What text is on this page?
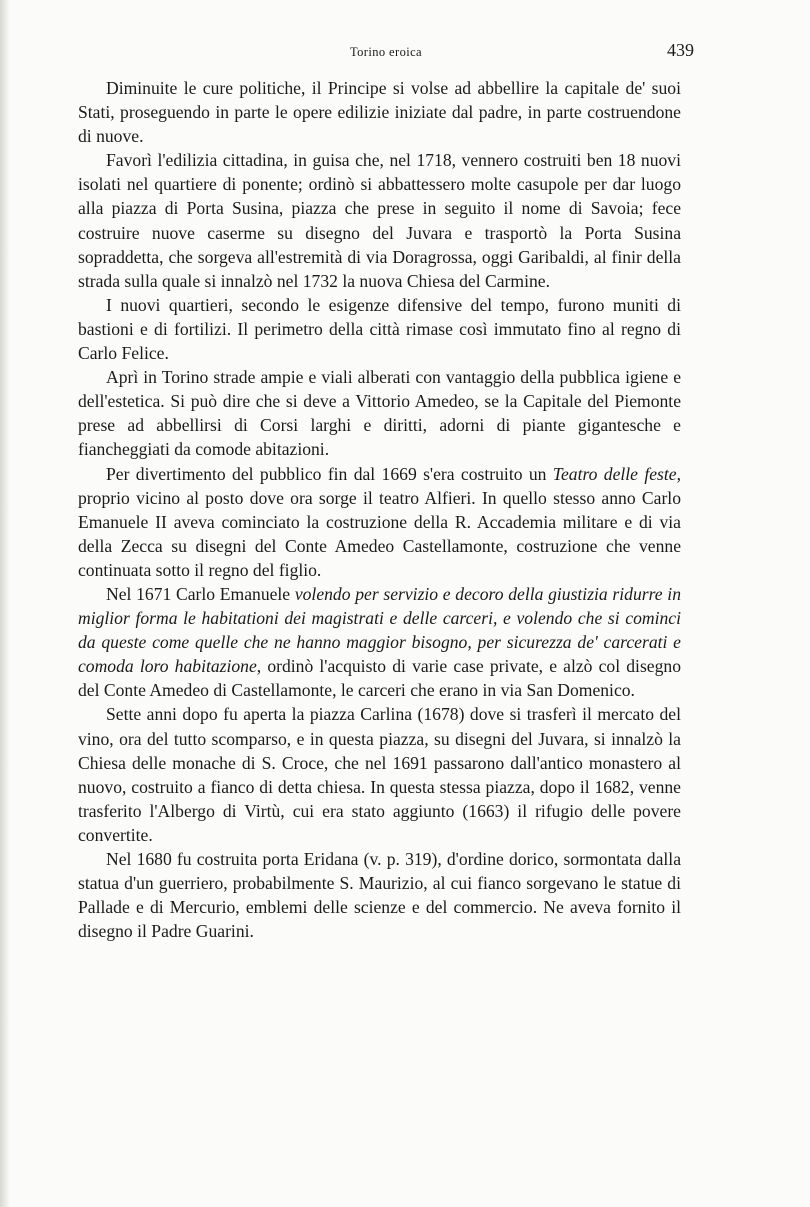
Torino eroica	439

Diminuite le cure politiche, il Principe si volse ad abbellire la capitale de' suoi Stati, proseguendo in parte le opere edilizie iniziate dal padre, in parte costruendone di nuove.

Favorì l'edilizia cittadina, in guisa che, nel 1718, vennero costruiti ben 18 nuovi isolati nel quartiere di ponente; ordinò si abbattessero molte casupole per dar luogo alla piazza di Porta Susina, piazza che prese in seguito il nome di Savoia; fece costruire nuove caserme su disegno del Juvara e trasportò la Porta Susina sopraddetta, che sorgeva all'estremità di via Doragrossa, oggi Garibaldi, al finir della strada sulla quale si innalzò nel 1732 la nuova Chiesa del Carmine.

I nuovi quartieri, secondo le esigenze difensive del tempo, furono muniti di bastioni e di fortilizi. Il perimetro della città rimase così immutato fino al regno di Carlo Felice.

Aprì in Torino strade ampie e viali alberati con vantaggio della pubblica igiene e dell'estetica. Si può dire che si deve a Vittorio Amedeo, se la Capitale del Piemonte prese ad abbellirsi di Corsi larghi e diritti, adorni di piante gigantesche e fiancheggiati da comode abitazioni.

Per divertimento del pubblico fin dal 1669 s'era costruito un Teatro delle feste, proprio vicino al posto dove ora sorge il teatro Alfieri. In quello stesso anno Carlo Emanuele II aveva cominciato la costruzione della R. Accademia militare e di via della Zecca su disegni del Conte Amedeo Castellamonte, costruzione che venne continuata sotto il regno del figlio.

Nel 1671 Carlo Emanuele volendo per servizio e decoro della giustizia ridurre in miglior forma le habitationi dei magistrati e delle carceri, e volendo che si cominci da queste come quelle che ne hanno maggior bisogno, per sicurezza de' carcerati e comoda loro habitazione, ordinò l'acquisto di varie case private, e alzò col disegno del Conte Amedeo di Castellamonte, le carceri che erano in via San Domenico.

Sette anni dopo fu aperta la piazza Carlina (1678) dove si trasferì il mercato del vino, ora del tutto scomparso, e in questa piazza, su disegni del Juvara, si innalzò la Chiesa delle monache di S. Croce, che nel 1691 passarono dall'antico monastero al nuovo, costruito a fianco di detta chiesa. In questa stessa piazza, dopo il 1682, venne trasferito l'Albergo di Virtù, cui era stato aggiunto (1663) il rifugio delle povere convertite.

Nel 1680 fu costruita porta Eridana (v. p. 319), d'ordine dorico, sormontata dalla statua d'un guerriero, probabilmente S. Maurizio, al cui fianco sorgevano le statue di Pallade e di Mercurio, emblemi delle scienze e del commercio. Ne aveva fornito il disegno il Padre Guarini.
